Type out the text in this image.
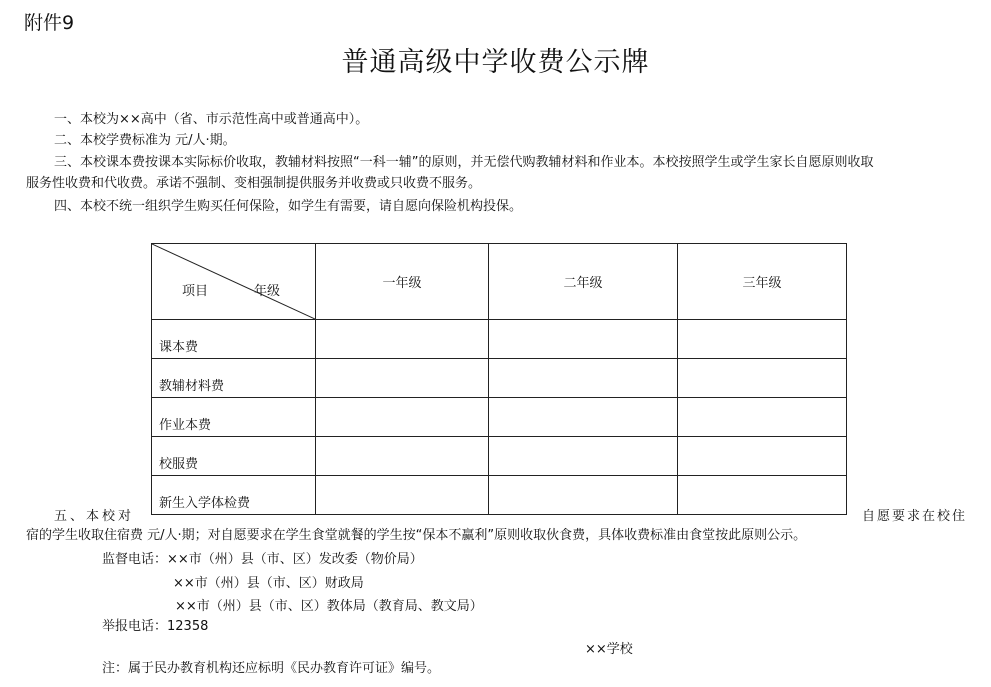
附件9
普通高级中学收费公示牌
一、本校为××高中（省、市示范性高中或普通高中）。
二、本校学费标准为 元/人·期。
三、本校课本费按课本实际标价收取，教辅材料按照“一科一辅”的原则，并无偿代购教辅材料和作业本。本校按照学生或学生家长自愿原则收取
服务性收费和代收费。承诺不强制、变相强制提供服务并收费或只收费不服务。
四、本校不统一组织学生购买任何保险，如学生有需要，请自愿向保险机构投保。
项目 年级	一年级	二年级	三年级
课本费			
教辅材料费			
作业本费			
校服费			
新生入学体检费			
五、本校对	自愿要求在校住
宿的学生收取住宿费 元/人·期；对自愿要求在学生食堂就餐的学生按“保本不赢利”原则收取伙食费，具体收费标准由食堂按此原则公示。
监督电话：××市（州）县（市、区）发改委（物价局）
××市（州）县（市、区）财政局
××市（州）县（市、区）教体局（教育局、教文局）
举报电话：12358
××学校
注：属于民办教育机构还应标明《民办教育许可证》编号。
